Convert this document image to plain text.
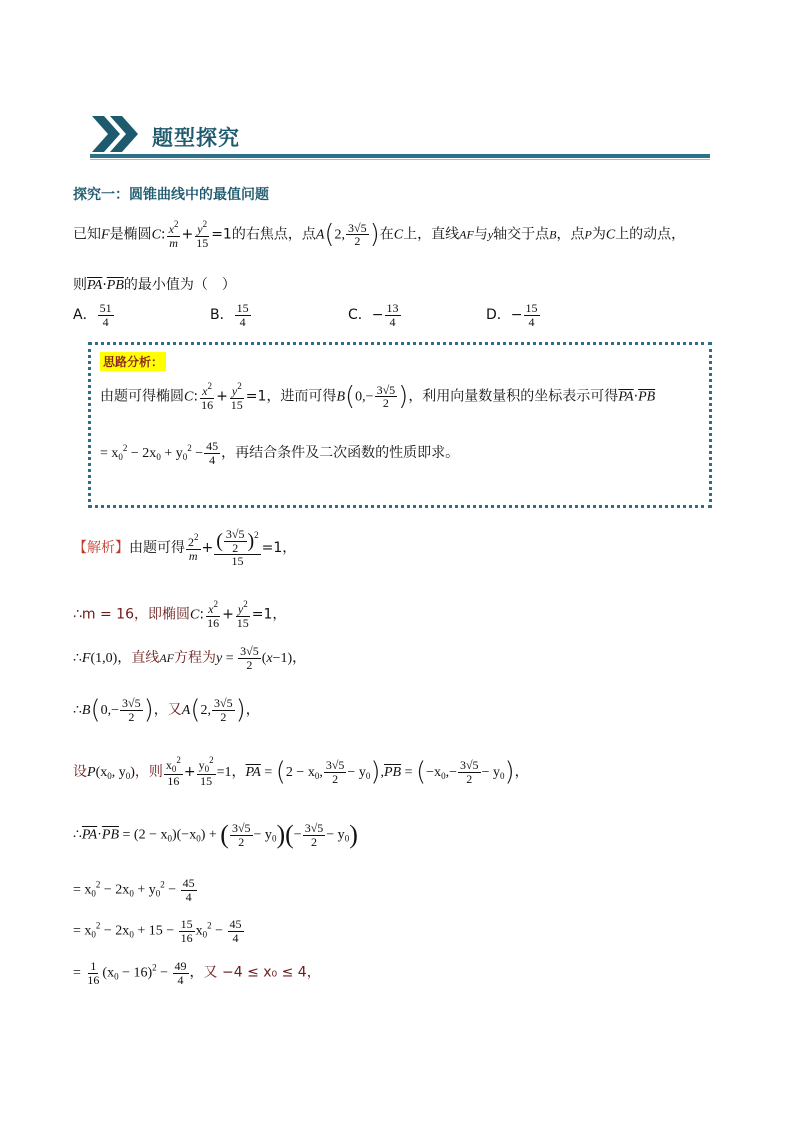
题型探究
探究一：圆锥曲线中的最值问题
已知F是椭圆C: $\frac{x^2}{m} + \frac{y^2}{15} =1$的右焦点，点A(2, $\frac{3√5}{2}$ )在C上，直线AF与y轴交于点B，点P为C上的动点，
则$\overline{PA}\cdot\overline{PB}$的最小值为（　）
A． $\frac{51}{4}$	B． $\frac{15}{4}$	C．− $\frac{13}{4}$	D．− $\frac{15}{4}$
思路分析：
由题可得椭圆C: $\frac{x^2}{16} + \frac{y^2}{15} =1$，进而可得$B(0,- \frac{3√5}{2}$ )，利用向量数量积的坐标表示可得$\overline{PA}\cdot\overline{PB}$
= $x_0^2 - 2x_0 + y_0^2 - \frac{45}{4}$ ，再结合条件及二次函数的性质即求。
【解析】由题可得 $\frac{2^2}{m} + \frac{( \frac{3√5}{2} )^2}{15} =1$，
∴m = 16，即椭圆C: $\frac{x^2}{16} + \frac{y^2}{15} =1$，
∴F(1,0)，直线AF方程为$y = \frac{3√5}{2} (x-1)$，
∴B(0,− $\frac{3√5}{2}$ )，又A(2, $\frac{3√5}{2}$ )，
设$P(x_0$, $y_0$)，则 $\frac{x_0^2}{16} + \frac{y_0^2}{15} =1$，$\overline{PA} = (2 - x_0$, $\frac{3√5}{2} - y_0),\overline{PB} = (-x_0,- \frac{3√5}{2} - y_0)$，
$\therefore\overline{PA}\cdot\overline{PB} = (2 - x_0)(-x_0)$ + ( $\frac{3√5}{2} - y_0)(- \frac{3√5}{2} - y_0)$
= $x_0^2 - 2x_0 + y_0^2 - \frac{45}{4}$
= $x_0^2 - 2x_0 + 15 - \frac{15}{16} x_0^2 - \frac{45}{4}$
= $\frac{1}{16} (x_0 - 16)^2 - \frac{49}{4}$ ，又 −4 ≤ x₀ ≤ 4，
